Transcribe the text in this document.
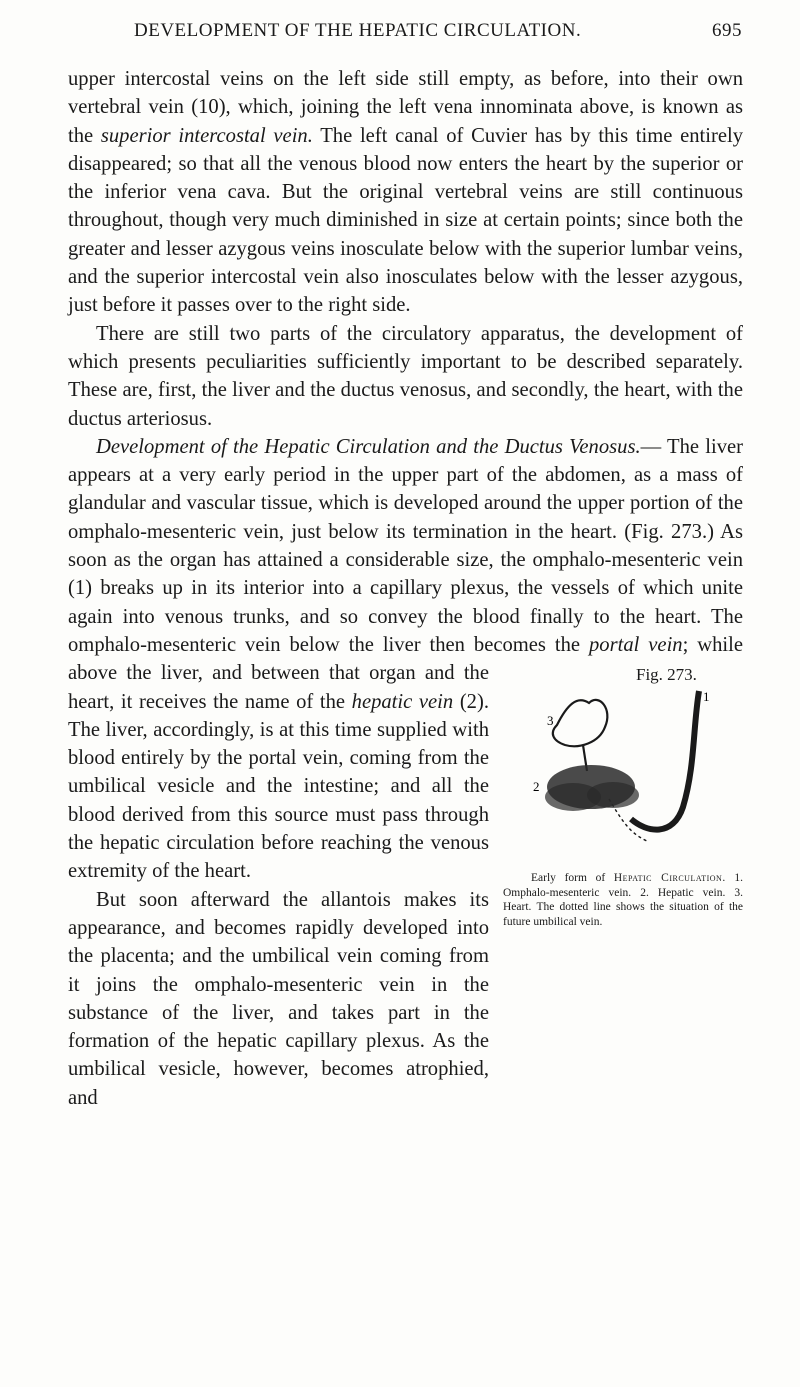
DEVELOPMENT OF THE HEPATIC CIRCULATION.	695

upper intercostal veins on the left side still empty, as before, into their own vertebral vein (10), which, joining the left vena innominata above, is known as the superior intercostal vein. The left canal of Cuvier has by this time entirely disappeared; so that all the venous blood now enters the heart by the superior or the inferior vena cava. But the original vertebral veins are still continuous throughout, though very much diminished in size at certain points; since both the greater and lesser azygous veins inosculate below with the superior lumbar veins, and the superior intercostal vein also inosculates below with the lesser azygous, just before it passes over to the right side.

There are still two parts of the circulatory apparatus, the development of which presents peculiarities sufficiently important to be described separately. These are, first, the liver and the ductus venosus, and secondly, the heart, with the ductus arteriosus.

Development of the Hepatic Circulation and the Ductus Venosus.— The liver appears at a very early period in the upper part of the abdomen, as a mass of glandular and vascular tissue, which is developed around the upper portion of the omphalo-mesenteric vein, just below its termination in the heart. (Fig. 273.) As soon as the organ has attained a considerable size, the omphalo-mesenteric vein (1) breaks up in its interior into a capillary plexus, the vessels of which unite again into venous trunks, and so convey the blood finally to the heart. The omphalo-mesenteric vein below the liver then becomes the
Fig. 273.
1
2
3
Early form of Hepatic Circulation. 1. Omphalo-mesenteric vein. 2. Hepatic vein. 3. Heart. The dotted line shows the situation of the future umbilical vein.
portal vein; while above the liver, and between that organ and the heart, it receives the name of the hepatic vein (2). The liver, accordingly, is at this time supplied with blood entirely by the portal vein, coming from the umbilical vesicle and the intestine; and all the blood derived from this source must pass through the hepatic circulation before reaching the venous extremity of the heart.

But soon afterward the allantois makes its appearance, and becomes rapidly developed into the placenta; and the umbilical vein coming from it joins the omphalo-mesenteric vein in the substance of the liver, and takes part in the formation of the hepatic capillary plexus. As the umbilical vesicle, however, becomes atrophied, and
